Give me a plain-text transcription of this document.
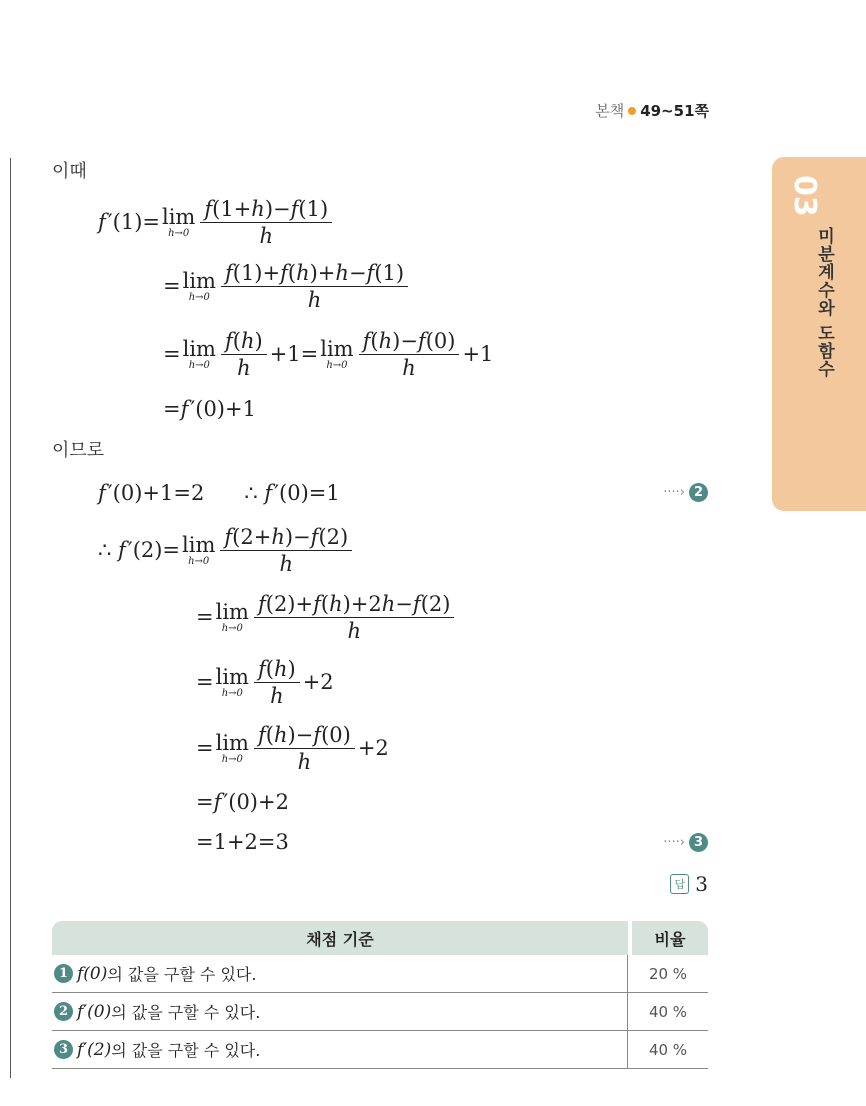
본책 49~51쪽
03
미분계수와 도함수
이때
f  ′(1)= lim
$h\to 0 \frac{f(1+h)-f(1)}{h}$
= lim
$h\to 0 \frac{f(1)+f(h)+h-f(1)}{h}$
= lim
$h\to 0 \frac{f(h)}{h} +1= \lim$
$h\to 0 \frac{f(h)-f(0)}{h} +1$
= f  ′(0)+1
이므로
f  ′(0)+1=2      ∴ f  ′(0)=1	····› 2
∴ f  ′(2)= lim
$h\to 0 \frac{f(2+h)-f(2)}{h}$
= lim
$h\to 0 \frac{f(2)+f(h)+2h-f(2)}{h}$
= lim
$h\to 0 \frac{f(h)}{h} +2$
= lim
$h\to 0 \frac{f(h)-f(0)}{h} +2$
= f  ′(0)+2
=1+2=3	····› 3
답 3
채점 기준	비율
1 f(0) 의 값을 구할 수 있다.	20 %
2 f′(0) 의 값을 구할 수 있다.	40 %
3 f′(2) 의 값을 구할 수 있다.	40 %
